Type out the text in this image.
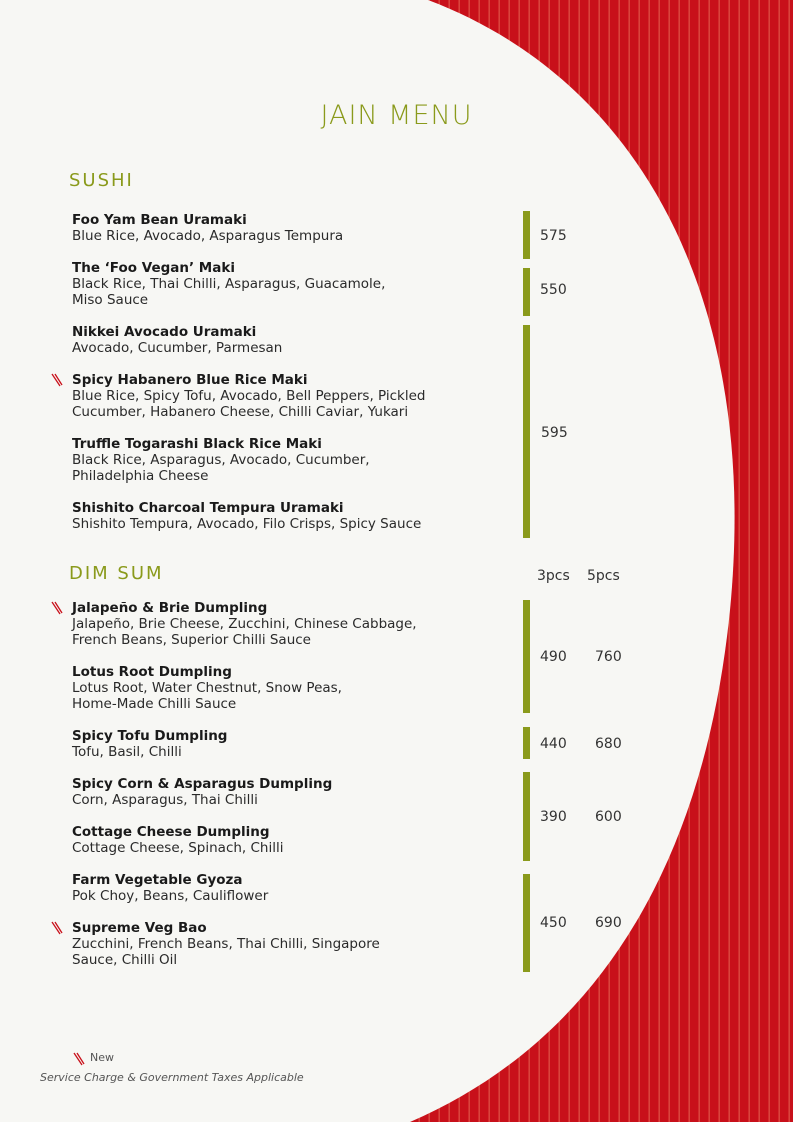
JAIN MENU
SUSHI
Foo Yam Bean Uramaki
Blue Rice, Avocado, Asparagus Tempura
The ‘Foo Vegan’ Maki
Black Rice, Thai Chilli, Asparagus, Guacamole, Miso Sauce
Nikkei Avocado Uramaki
Avocado, Cucumber, Parmesan
Spicy Habanero Blue Rice Maki
Blue Rice, Spicy Tofu, Avocado, Bell Peppers, Pickled Cucumber, Habanero Cheese, Chilli Caviar, Yukari
Truffle Togarashi Black Rice Maki
Black Rice, Asparagus, Avocado, Cucumber, Philadelphia Cheese
Shishito Charcoal Tempura Uramaki
Shishito Tempura, Avocado, Filo Crisps, Spicy Sauce
575
550
595
DIM SUM	3pcs 5pcs
Jalapeño & Brie Dumpling
Jalapeño, Brie Cheese, Zucchini, Chinese Cabbage, French Beans, Superior Chilli Sauce
Lotus Root Dumpling
Lotus Root, Water Chestnut, Snow Peas, Home-Made Chilli Sauce
Spicy Tofu Dumpling
Tofu, Basil, Chilli
Spicy Corn & Asparagus Dumpling
Corn, Asparagus, Thai Chilli
Cottage Cheese Dumpling
Cottage Cheese, Spinach, Chilli
Farm Vegetable Gyoza
Pok Choy, Beans, Cauliflower
Supreme Veg Bao
Zucchini, French Beans, Thai Chilli, Singapore Sauce, Chilli Oil
490 760
440 680
390 600
450 690
New
Service Charge & Government Taxes Applicable
